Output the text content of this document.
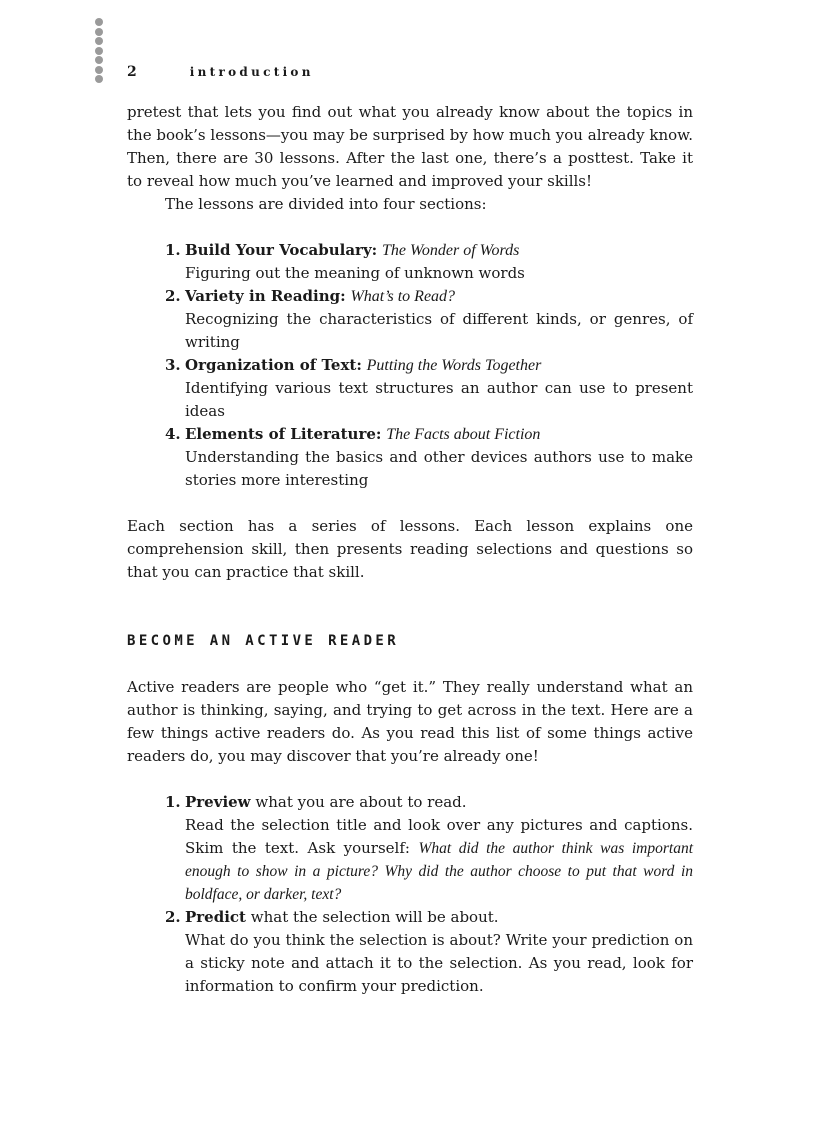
2	introduction

pretest that lets you find out what you already know about the topics in the book’s lessons—you may be surprised by how much you already know. Then, there are 30 lessons. After the last one, there’s a posttest. Take it to reveal how much you’ve learned and improved your skills!

The lessons are divided into four sections:

1. Build Your Vocabulary: The Wonder of Words
Figuring out the meaning of unknown words
2. Variety in Reading: What’s to Read?
Recognizing the characteristics of different kinds, or genres, of writing
3. Organization of Text: Putting the Words Together
Identifying various text structures an author can use to present ideas
4. Elements of Literature: The Facts about Fiction
Understanding the basics and other devices authors use to make stories more interesting

Each section has a series of lessons. Each lesson explains one comprehension skill, then presents reading selections and questions so that you can practice that skill.

BECOME AN ACTIVE READER

Active readers are people who “get it.” They really understand what an author is thinking, saying, and trying to get across in the text. Here are a few things active readers do. As you read this list of some things active readers do, you may discover that you’re already one!

1. Preview what you are about to read.
Read the selection title and look over any pictures and captions. Skim the text. Ask yourself: What did the author think was important enough to show in a picture? Why did the author choose to put that word in boldface, or darker, text?
2. Predict what the selection will be about.
What do you think the selection is about? Write your prediction on a sticky note and attach it to the selection. As you read, look for information to confirm your prediction.
